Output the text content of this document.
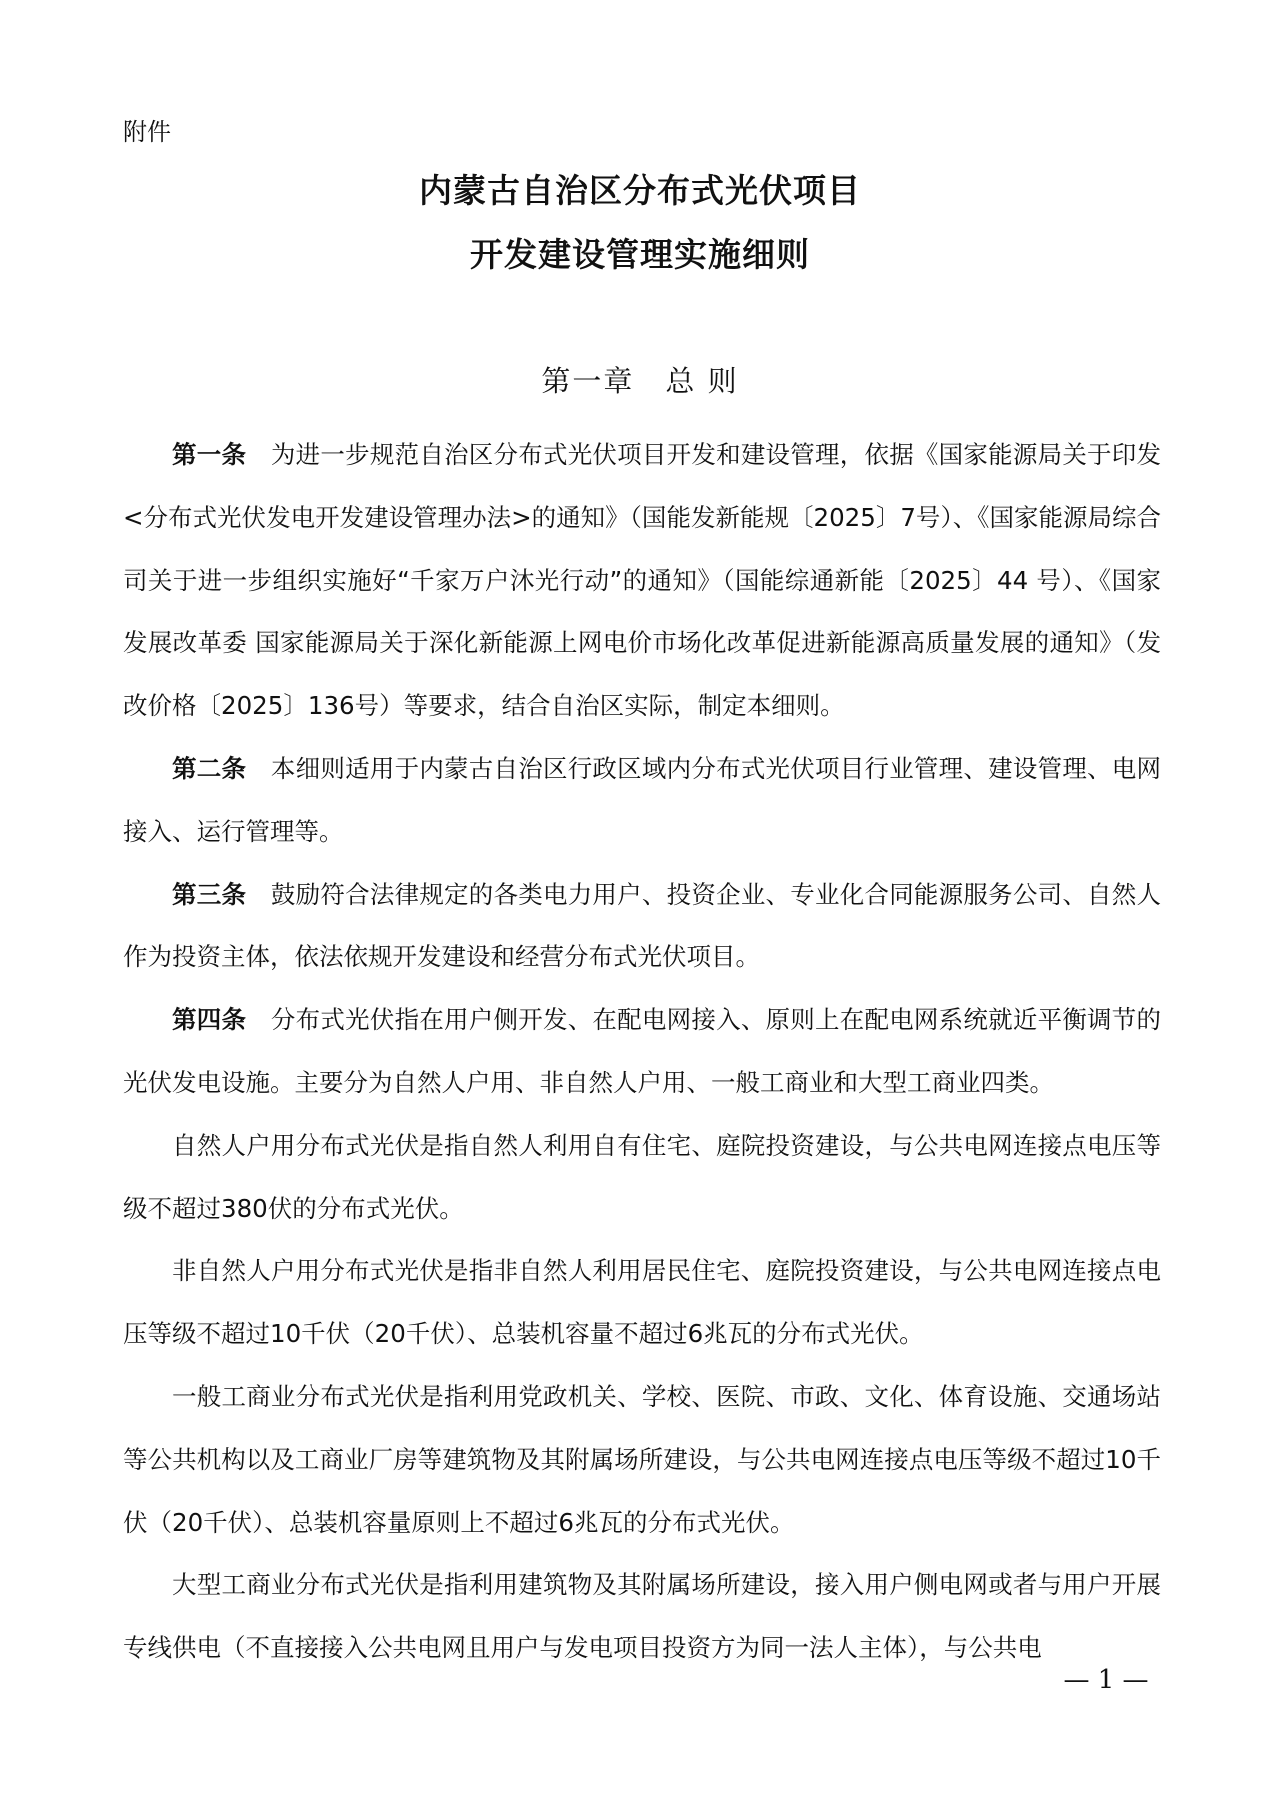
附件
内蒙古自治区分布式光伏项目
开发建设管理实施细则
第一章　总 则

第一条　为进一步规范自治区分布式光伏项目开发和建设管理，依据《国家能源局关于印发<分布式光伏发电开发建设管理办法>的通知》（国能发新能规〔2025〕7号）、《国家能源局综合司关于进一步组织实施好“千家万户沐光行动”的通知》（国能综通新能〔2025〕44 号）、《国家发展改革委 国家能源局关于深化新能源上网电价市场化改革促进新能源高质量发展的通知》（发改价格〔2025〕136号）等要求，结合自治区实际，制定本细则。

第二条　本细则适用于内蒙古自治区行政区域内分布式光伏项目行业管理、建设管理、电网接入、运行管理等。

第三条　鼓励符合法律规定的各类电力用户、投资企业、专业化合同能源服务公司、自然人作为投资主体，依法依规开发建设和经营分布式光伏项目。

第四条　分布式光伏指在用户侧开发、在配电网接入、原则上在配电网系统就近平衡调节的光伏发电设施。主要分为自然人户用、非自然人户用、一般工商业和大型工商业四类。

自然人户用分布式光伏是指自然人利用自有住宅、庭院投资建设，与公共电网连接点电压等级不超过380伏的分布式光伏。

非自然人户用分布式光伏是指非自然人利用居民住宅、庭院投资建设，与公共电网连接点电压等级不超过10千伏（20千伏）、总装机容量不超过6兆瓦的分布式光伏。

一般工商业分布式光伏是指利用党政机关、学校、医院、市政、文化、体育设施、交通场站等公共机构以及工商业厂房等建筑物及其附属场所建设，与公共电网连接点电压等级不超过10千伏（20千伏）、总装机容量原则上不超过6兆瓦的分布式光伏。

大型工商业分布式光伏是指利用建筑物及其附属场所建设，接入用户侧电网或者与用户开展专线供电（不直接接入公共电网且用户与发电项目投资方为同一法人主体），与公共电

— 1 —
